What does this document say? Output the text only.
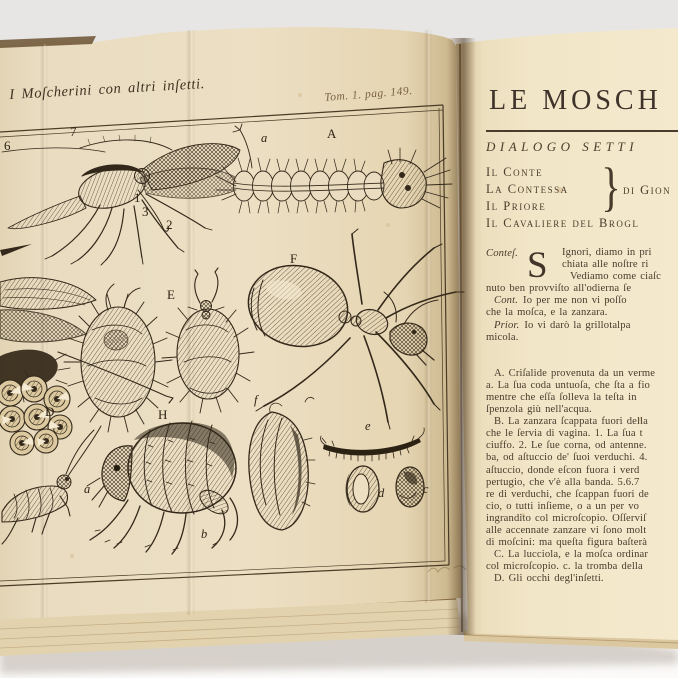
I Moſcherini con altri inſetti.	Tom. 1. pag. 149.
6
7
1
3
2
a	A
F
E
D	H
a
b
f
e
d	c
LE MOSCH
DIALOGO SETTI
Il Conte
La Contessa
Il Priore
Il Cavaliere del Brogl
} di Gion
Conteſ. S Ignori, diamo in pri
chiata alle noſtre ri
Vediamo come ciaſc
nuto ben provviſto all'odierna ſe
Cont. Io per me non vi poſſo
che la moſca, e la zanzara.
Prior. Io vi darò la grillotalpa
micola.
A. Criſalide provenuta da un verme
a. La ſua coda untuoſa, che ſta a fio
mentre che eſſa ſolleva la teſta in
ſpenzola giù nell'acqua.
B. La zanzara ſcappata fuori della
che le ſervia di vagina. 1. La ſua t
ciuffo. 2. Le ſue corna, od antenne.
ba, od aſtuccio de' ſuoi verduchi. 4.
aſtuccio, donde eſcon fuora i verd
pertugio, che v'è alla banda. 5.6.7
re di verduchi, che ſcappan fuori de
cio, o tutti inſieme, o a un per vo
ingrandito col microſcopio. Oſſerviſ
alle accennate zanzare vi ſono molt
di moſcini: ma queſta figura baſterà
C. La lucciola, e la moſca ordinar
col microſcopio. c. la tromba della
D. Gli occhi degl'inſetti.
